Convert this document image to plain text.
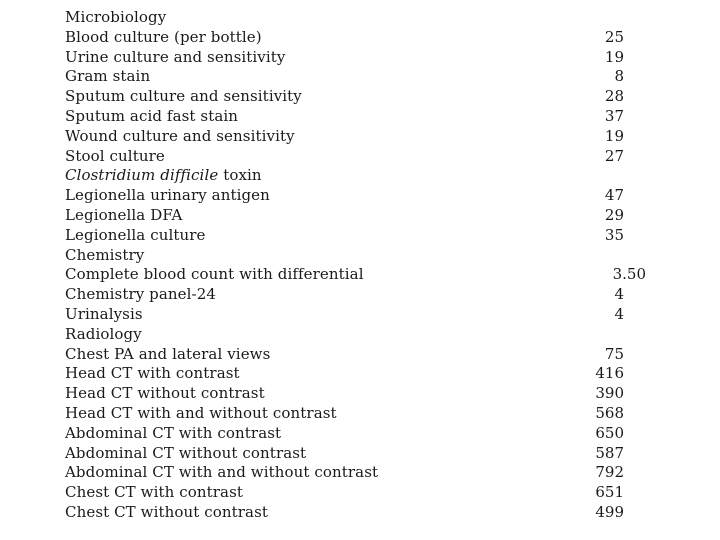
Microbiology
Blood culture (per bottle)	25
Urine culture and sensitivity	19
Gram stain	8
Sputum culture and sensitivity	28
Sputum acid fast stain	37
Wound culture and sensitivity	19
Stool culture	27
Clostridium difficile toxin
Legionella urinary antigen	47
Legionella DFA	29
Legionella culture	35
Chemistry
Complete blood count with differential	3.50
Chemistry panel-24	4
Urinalysis	4
Radiology
Chest PA and lateral views	75
Head CT with contrast	416
Head CT without contrast	390
Head CT with and without contrast	568
Abdominal CT with contrast	650
Abdominal CT without contrast	587
Abdominal CT with and without contrast	792
Chest CT with contrast	651
Chest CT without contrast	499
